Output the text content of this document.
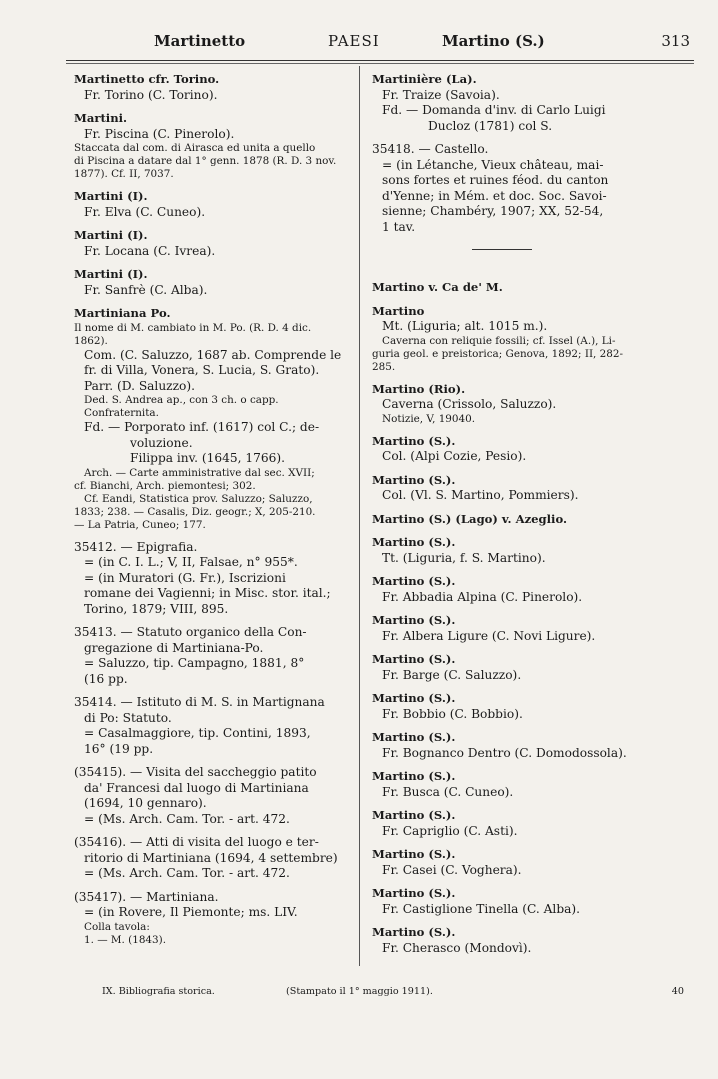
Martinetto	PAESI	Martino (S.)	313
Martinetto cfr. Torino.
Fr. Torino (C. Torino).
Martini.
Fr. Piscina (C. Pinerolo).
Staccata dal com. di Airasca ed unita a quello
di Piscina a datare dal 1° genn. 1878 (R. D. 3 nov.
1877). Cf. II, 7037.
Martini (I).
Fr. Elva (C. Cuneo).
Martini (I).
Fr. Locana (C. Ivrea).
Martini (I).
Fr. Sanfrè (C. Alba).
Martiniana Po.
Il nome di M. cambiato in M. Po. (R. D. 4 dic.
1862).
Com. (C. Saluzzo, 1687 ab. Comprende le
fr. di Villa, Vonera, S. Lucia, S. Grato).
Parr. (D. Saluzzo).
Ded. S. Andrea ap., con 3 ch. o capp.
Confraternita.
Fd. — Porporato inf. (1617) col C.; de-
voluzione.
Filippa inv. (1645, 1766).
Arch. — Carte amministrative dal sec. XVII;
cf. Bianchi, Arch. piemontesi; 302.
Cf. Eandi, Statistica prov. Saluzzo; Saluzzo,
1833; 238. — Casalis, Diz. geogr.; X, 205-210.
— La Patria, Cuneo; 177.
35412. — Epigrafia.
= (in C. I. L.; V, II, Falsae, n° 955*.
= (in Muratori (G. Fr.), Iscrizioni
romane dei Vagienni; in Misc. stor. ital.;
Torino, 1879; VIII, 895.
35413. — Statuto organico della Con-
gregazione di Martiniana-Po.
= Saluzzo, tip. Campagno, 1881, 8°
(16 pp.
35414. — Istituto di M. S. in Martignana
di Po: Statuto.
= Casalmaggiore, tip. Contini, 1893,
16° (19 pp.
(35415). — Visita del saccheggio patito
da' Francesi dal luogo di Martiniana
(1694, 10 gennaro).
= (Ms. Arch. Cam. Tor. - art. 472.
(35416). — Atti di visita del luogo e ter-
ritorio di Martiniana (1694, 4 settembre)
= (Ms. Arch. Cam. Tor. - art. 472.
(35417). — Martiniana.
= (in Rovere, Il Piemonte; ms. LIV.
Colla tavola:
1. — M. (1843).
Martinière (La).
Fr. Traize (Savoia).
Fd. — Domanda d'inv. di Carlo Luigi
Ducloz (1781) col S.
35418. — Castello.
= (in Létanche, Vieux château, mai-
sons fortes et ruines féod. du canton
d'Yenne; in Mém. et doc. Soc. Savoi-
sienne; Chambéry, 1907; XX, 52-54,
1 tav.
Martino v. Ca de' M.
Martino
Mt. (Liguria; alt. 1015 m.).
Caverna con reliquie fossili; cf. Issel (A.), Li-
guria geol. e preistorica; Genova, 1892; II, 282-
285.
Martino (Rio).
Caverna (Crissolo, Saluzzo).
Notizie, V, 19040.
Martino (S.).
Col. (Alpi Cozie, Pesio).
Martino (S.).
Col. (Vl. S. Martino, Pommiers).
Martino (S.) (Lago) v. Azeglio.
Martino (S.).
Tt. (Liguria, f. S. Martino).
Martino (S.).
Fr. Abbadia Alpina (C. Pinerolo).
Martino (S.).
Fr. Albera Ligure (C. Novi Ligure).
Martino (S.).
Fr. Barge (C. Saluzzo).
Martino (S.).
Fr. Bobbio (C. Bobbio).
Martino (S.).
Fr. Bognanco Dentro (C. Domodossola).
Martino (S.).
Fr. Busca (C. Cuneo).
Martino (S.).
Fr. Capriglio (C. Asti).
Martino (S.).
Fr. Casei (C. Voghera).
Martino (S.).
Fr. Castiglione Tinella (C. Alba).
Martino (S.).
Fr. Cherasco (Mondovì).
IX. Bibliografia storica.	(Stampato il 1° maggio 1911).	40
